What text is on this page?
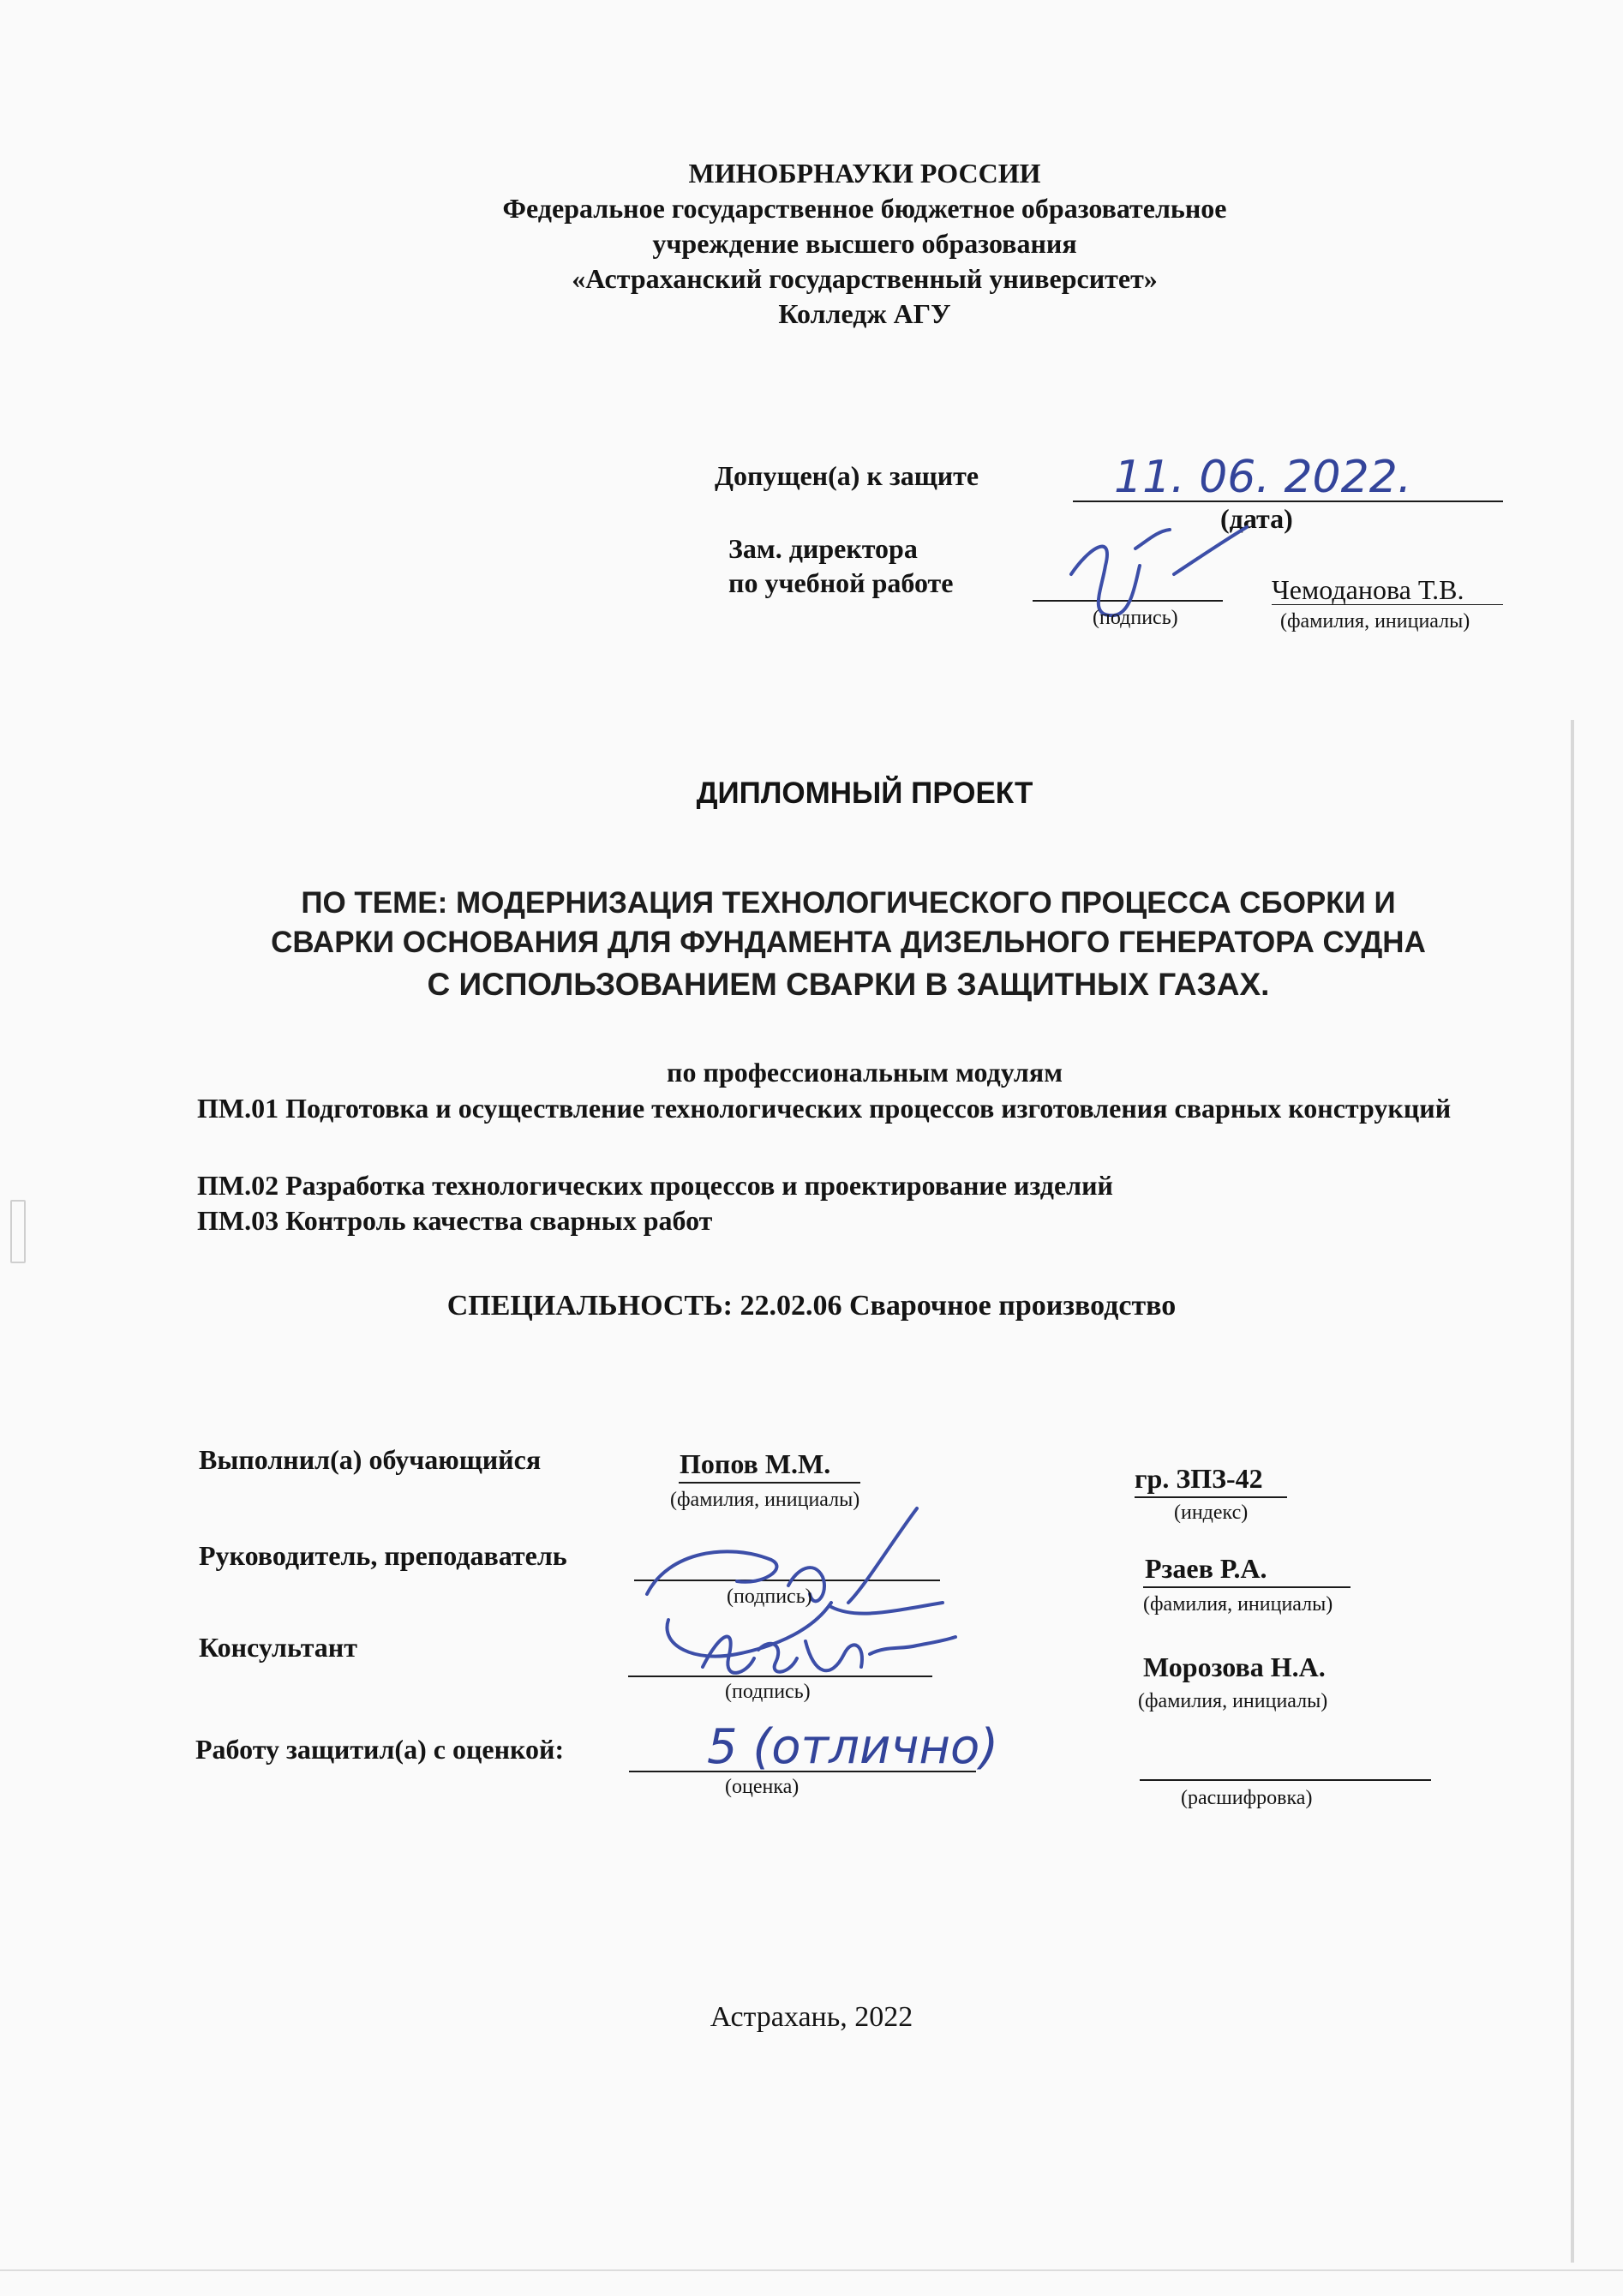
МИНОБРНАУКИ РОССИИ
Федеральное государственное бюджетное образовательное
учреждение высшего образования
«Астраханский государственный университет»
Колледж АГУ
Допущен(а) к защите	11. 06. 2022.
(дата)
Зам. директора
по учебной работе
(подпись)
Чемоданова Т.В.
(фамилия, инициалы)
ДИПЛОМНЫЙ ПРОЕКТ
ПО ТЕМЕ: МОДЕРНИЗАЦИЯ ТЕХНОЛОГИЧЕСКОГО ПРОЦЕССА СБОРКИ И
СВАРКИ ОСНОВАНИЯ ДЛЯ ФУНДАМЕНТА ДИЗЕЛЬНОГО ГЕНЕРАТОРА СУДНА
С ИСПОЛЬЗОВАНИЕМ СВАРКИ В ЗАЩИТНЫХ ГАЗАХ.
по профессиональным модулям
ПМ.01 Подготовка и осуществление технологических процессов изготовления сварных конструкций
ПМ.02 Разработка технологических процессов и проектирование изделий
ПМ.03 Контроль качества сварных работ
СПЕЦИАЛЬНОСТЬ: 22.02.06 Сварочное производство
Выполнил(а) обучающийся	Попов М.М.
(фамилия, инициалы)
гр. ЗПЗ-42
(индекс)
Руководитель, преподаватель
(подпись)
Рзаев Р.А.
(фамилия, инициалы)
Консультант
(подпись)
Морозова Н.А.
(фамилия, инициалы)
Работу защитил(а) с оценкой:	5 (отлично)
(оценка)	(расшифровка)
Астрахань, 2022
